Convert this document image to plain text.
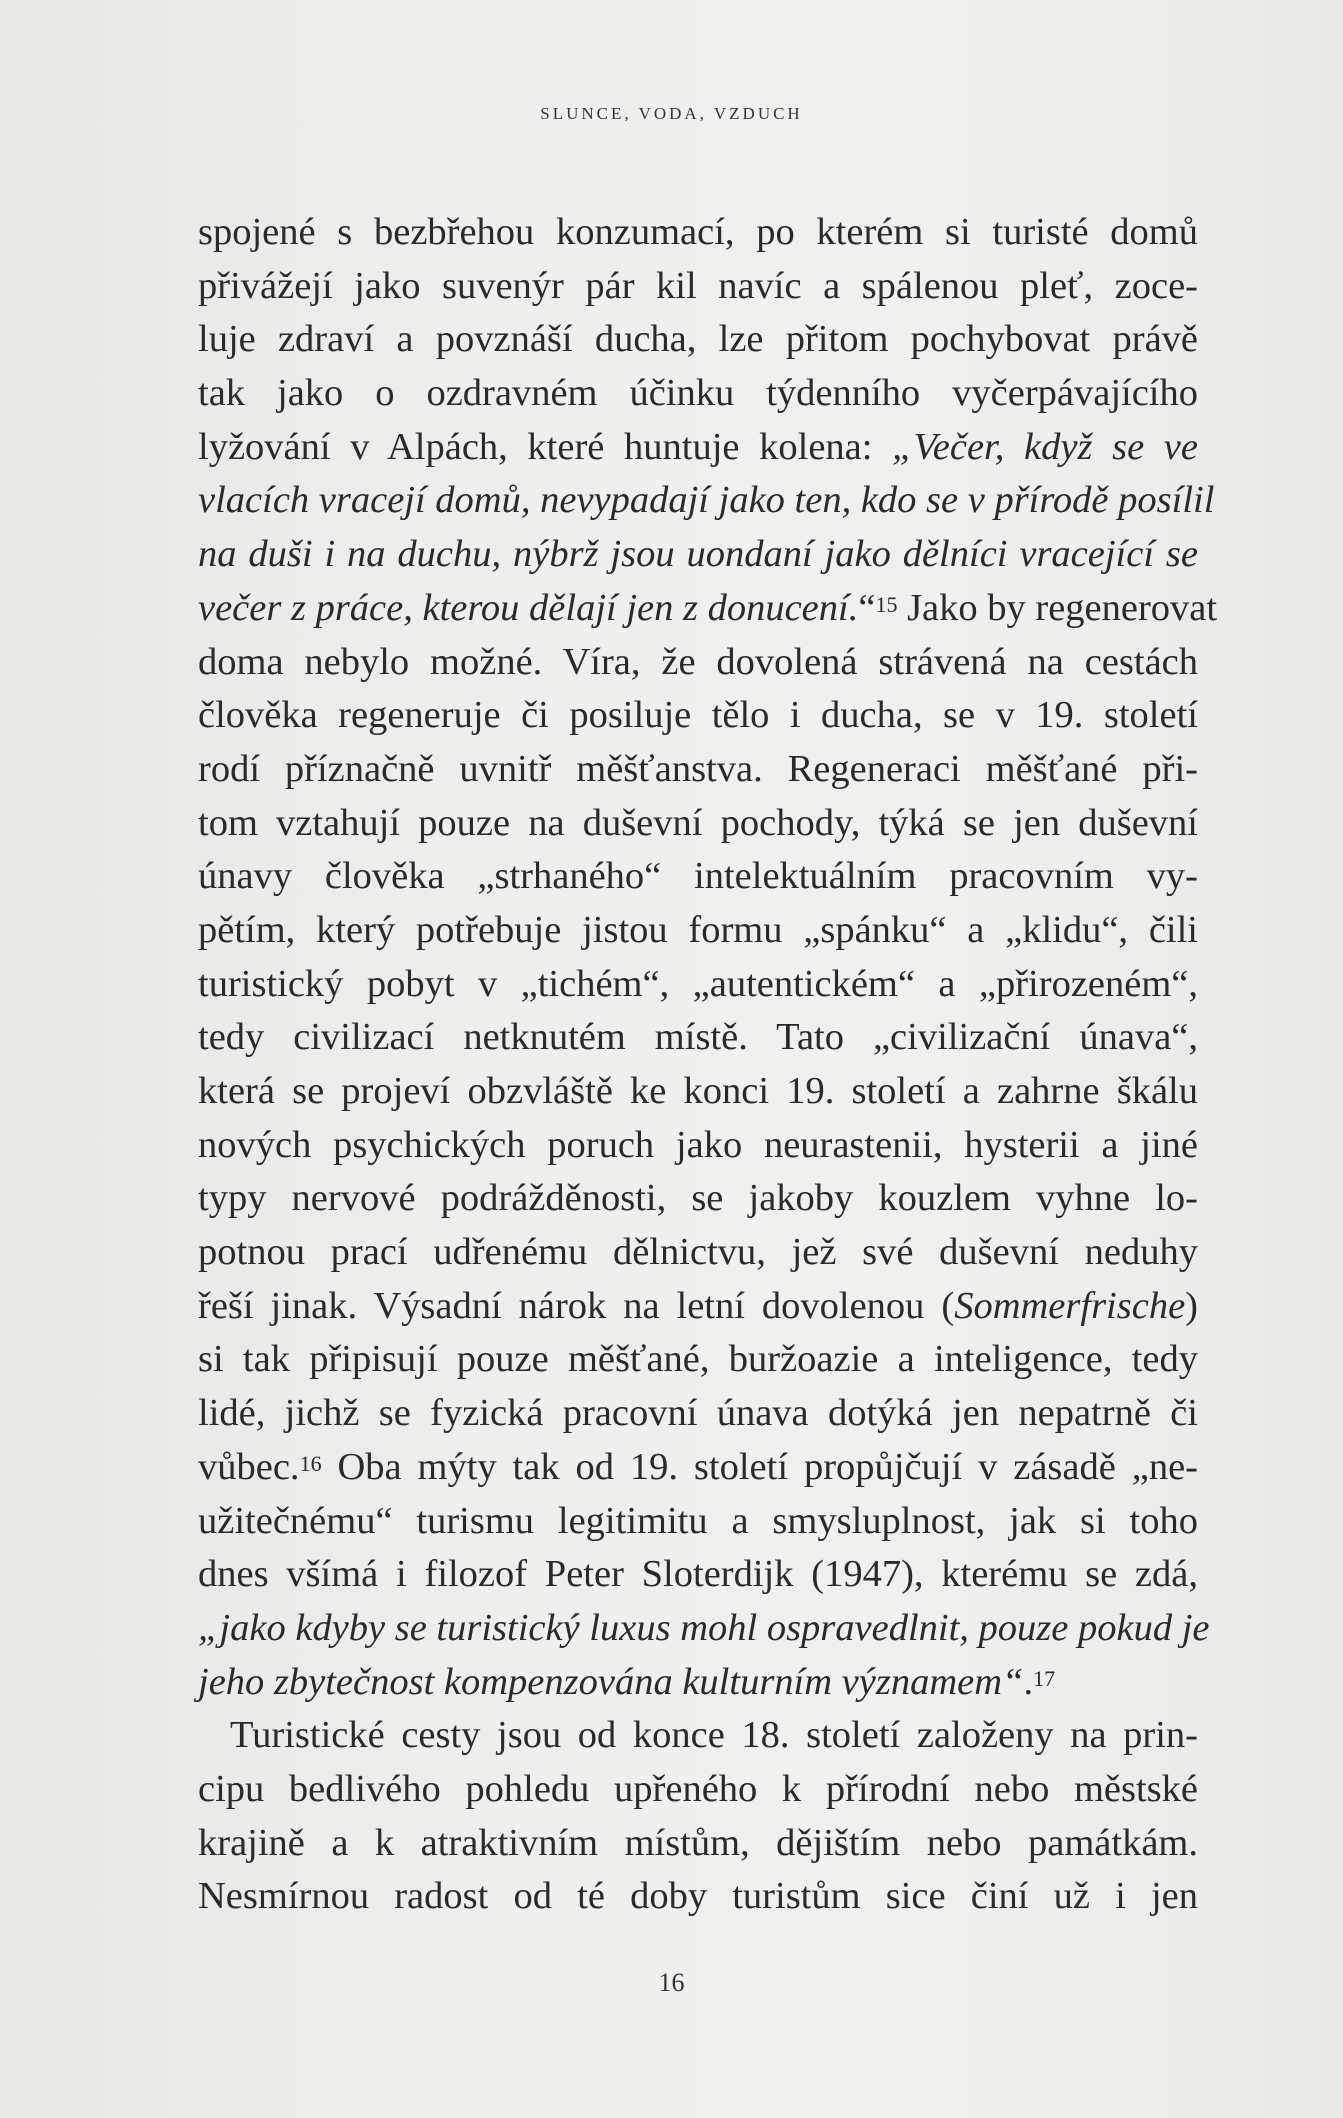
SLUNCE, VODA, VZDUCH
spojené s bezbřehou konzumací, po kterém si turisté domů
přivážejí jako suvenýr pár kil navíc a spálenou pleť, zoce-
luje zdraví a povznáší ducha, lze přitom pochybovat právě
tak jako o ozdravném účinku týdenního vyčerpávajícího
lyžování v Alpách, které huntuje kolena: „Večer, když se ve
vlacích vracejí domů, nevypadají jako ten, kdo se v přírodě posílil
na duši i na duchu, nýbrž jsou uondaní jako dělníci vracející se
večer z práce, kterou dělají jen z donucení.“$^{15}$ Jako by regenerovat
doma nebylo možné. Víra, že dovolená strávená na cestách
člověka regeneruje či posiluje tělo i ducha, se v 19. století
rodí příznačně uvnitř měšťanstva. Regeneraci měšťané při-
tom vztahují pouze na duševní pochody, týká se jen duševní
únavy člověka „strhaného“ intelektuálním pracovním vy-
pětím, který potřebuje jistou formu „spánku“ a „klidu“, čili
turistický pobyt v „tichém“, „autentickém“ a „přirozeném“,
tedy civilizací netknutém místě. Tato „civilizační únava“,
která se projeví obzvláště ke konci 19. století a zahrne škálu
nových psychických poruch jako neurastenii, hysterii a jiné
typy nervové podrážděnosti, se jakoby kouzlem vyhne lo-
potnou prací udřenému dělnictvu, jež své duševní neduhy
řeší jinak. Výsadní nárok na letní dovolenou (Sommerfrische)
si tak připisují pouze měšťané, buržoazie a inteligence, tedy
lidé, jichž se fyzická pracovní únava dotýká jen nepatrně či
vůbec.$^{16}$ Oba mýty tak od 19. století propůjčují v zásadě „ne-
užitečnému“ turismu legitimitu a smysluplnost, jak si toho
dnes všímá i filozof Peter Sloterdijk (1947), kterému se zdá,
„jako kdyby se turistický luxus mohl ospravedlnit, pouze pokud je
jeho zbytečnost kompenzována kulturním významem“.$^{17}$
Turistické cesty jsou od konce 18. století založeny na prin-
cipu bedlivého pohledu upřeného k přírodní nebo městské
krajině a k atraktivním místům, dějištím nebo památkám.
Nesmírnou radost od té doby turistům sice činí už i jen
16
